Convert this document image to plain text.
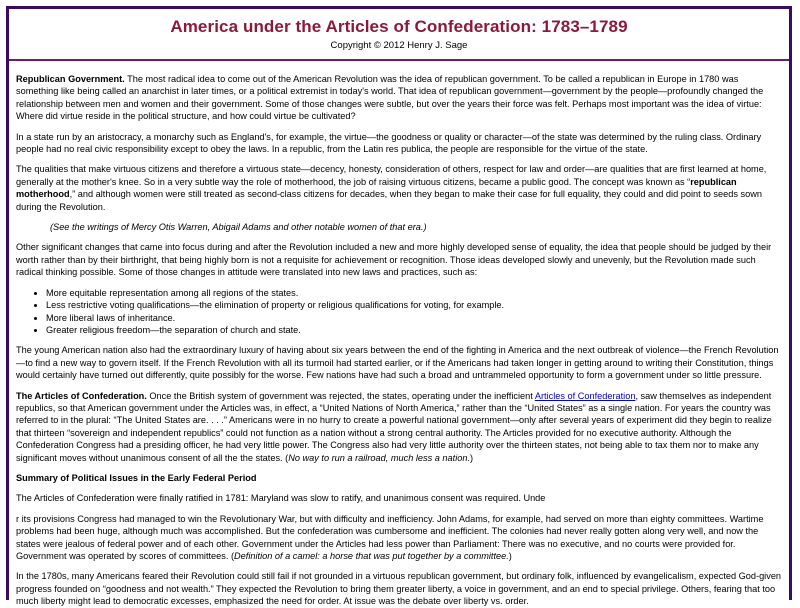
America under the Articles of Confederation: 1783–1789
Copyright © 2012 Henry J. Sage

Republican Government. The most radical idea to come out of the American Revolution was the idea of republican government. To be called a republican in Europe in 1780 was something like being called an anarchist in later times, or a political extremist in today's world. That idea of republican government—government by the people—profoundly changed the relationship between men and women and their government. Some of those changes were subtle, but over the years their force was felt. Perhaps most important was the idea of virtue: Where did virtue reside in the political structure, and how could virtue be cultivated?

In a state run by an aristocracy, a monarchy such as England's, for example, the virtue—the goodness or quality or character—of the state was determined by the ruling class. Ordinary people had no real civic responsibility except to obey the laws. In a republic, from the Latin res publica, the people are responsible for the virtue of the state.

The qualities that make virtuous citizens and therefore a virtuous state—decency, honesty, consideration of others, respect for law and order—are qualities that are first learned at home, generally at the mother's knee. So in a very subtle way the role of motherhood, the job of raising virtuous citizens, became a public good. The concept was known as “republican motherhood,” and although women were still treated as second-class citizens for decades, when they began to make their case for full equality, they could and did point to seeds sown during the Revolution.

(See the writings of Mercy Otis Warren, Abigail Adams and other notable women of that era.)

Other significant changes that came into focus during and after the Revolution included a new and more highly developed sense of equality, the idea that people should be judged by their worth rather than by their birthright, that being highly born is not a requisite for achievement or recognition. Those ideas developed slowly and unevenly, but the Revolution made such radical thinking possible. Some of those changes in attitude were translated into new laws and practices, such as:

• More equitable representation among all regions of the states.
• Less restrictive voting qualifications—the elimination of property or religious qualifications for voting, for example.
• More liberal laws of inheritance.
• Greater religious freedom—the separation of church and state.

The young American nation also had the extraordinary luxury of having about six years between the end of the fighting in America and the next outbreak of violence—the French Revolution—to find a new way to govern itself. If the French Revolution with all its turmoil had started earlier, or if the Americans had taken longer in getting around to writing their Constitution, things would certainly have turned out differently, quite possibly for the worse. Few nations have had such a broad and untrammeled opportunity to form a government under so little pressure.

The Articles of Confederation. Once the British system of government was rejected, the states, operating under the inefficient Articles of Confederation, saw themselves as independent republics, so that American government under the Articles was, in effect, a “United Nations of North America,” rather than the “United States” as a single nation. For years the country was referred to in the plural: “The United States are. . . .” Americans were in no hurry to create a powerful national government—only after several years of experiment did they begin to realize that thirteen “sovereign and independent republics” could not function as a nation without a strong central authority. The Articles provided for no executive authority. Although the Confederation Congress had a presiding officer, he had very little power. The Congress also had very little authority over the thirteen states, not being able to tax them nor to make any significant moves without unanimous consent of all the the states. (No way to run a railroad, much less a nation.)

Summary of Political Issues in the Early Federal Period

The Articles of Confederation were finally ratified in 1781: Maryland was slow to ratify, and unanimous consent was required. Unde

r its provisions Congress had managed to win the Revolutionary War, but with difficulty and inefficiency. John Adams, for example, had served on more than eighty committees. Wartime problems had been huge, although much was accomplished. But the confederation was cumbersome and inefficient. The colonies had never really gotten along very well, and now the states were jealous of federal power and of each other. Government under the Articles had less power than Parliament: There was no executive, and no courts were provided for. Government was operated by scores of committees. (Definition of a camel: a horse that was put together by a committee.)

In the 1780s, many Americans feared their Revolution could still fail if not grounded in a virtuous republican government, but ordinary folk, influenced by evangelicalism, expected God-given progress founded on “goodness and not wealth.” They expected the Revolution to bring them greater liberty, a voice in government, and an end to special privilege. Others, fearing that too much liberty might lead to democratic excesses, emphasized the need for order. At issue was the debate over liberty vs. order.
